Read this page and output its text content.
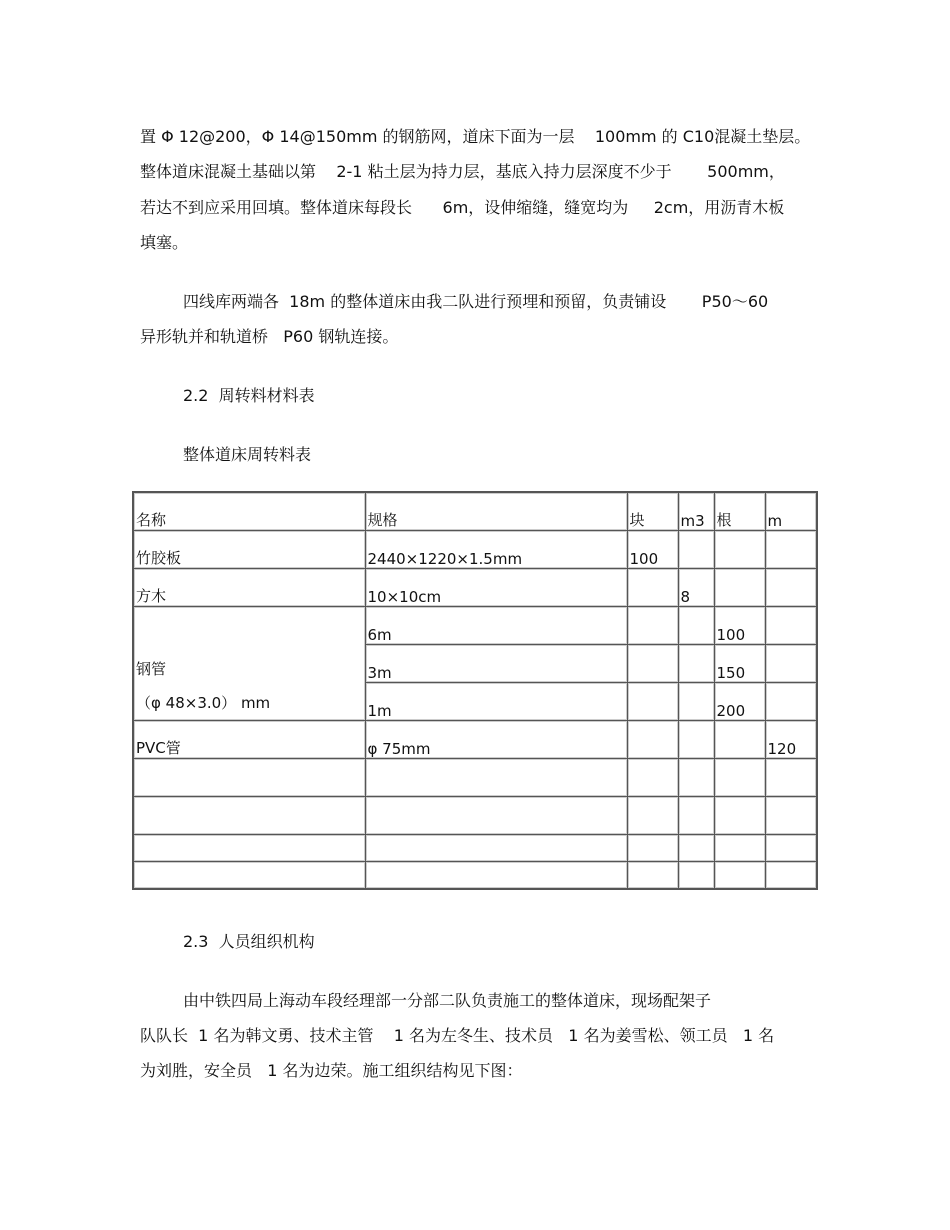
置 Φ 12@200，Φ 14@150mm 的钢筋网，道床下面为一层    100mm 的 C10混凝土垫层。
整体道床混凝土基础以第    2-1 粘土层为持力层，基底入持力层深度不少于       500mm，
若达不到应采用回填。整体道床每段长      6m，设伸缩缝，缝宽均为     2cm，用沥青木板
填塞。
四线库两端各  18m 的整体道床由我二队进行预埋和预留，负责铺设       P50～60
异形轨并和轨道桥   P60 钢轨连接。
2.2  周转料材料表
整体道床周转料表
名称	规格	块	m3	根	m
竹胶板	2440×1220×1.5mm	100			
方木	10×10cm		8		

钢管
（φ 48×3.0） mm	6m			100	
	3m			150	
	1m			200	
PVC管	φ 75mm				120

2.3  人员组织机构
由中铁四局上海动车段经理部一分部二队负责施工的整体道床，现场配架子
队队长  1 名为韩文勇、技术主管    1 名为左冬生、技术员   1 名为姜雪松、领工员   1 名
为刘胜，安全员   1 名为边荣。施工组织结构见下图：
